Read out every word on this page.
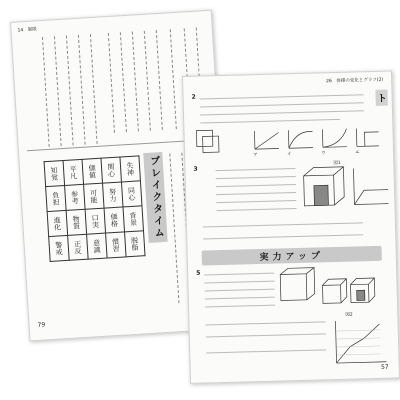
14　制限
知覚	平凡	価値	関心	失神
負担	参考	可能	努力	同心
進化	物質	口実	価格	背景
警戒	正反	意識	慣習	脱脂
ブレイクタイム
79
26　体積の変化とグラフ(2)
ト
2
ア	イ	ウ	エ
3
図1
実力アップ
5
図2
57
